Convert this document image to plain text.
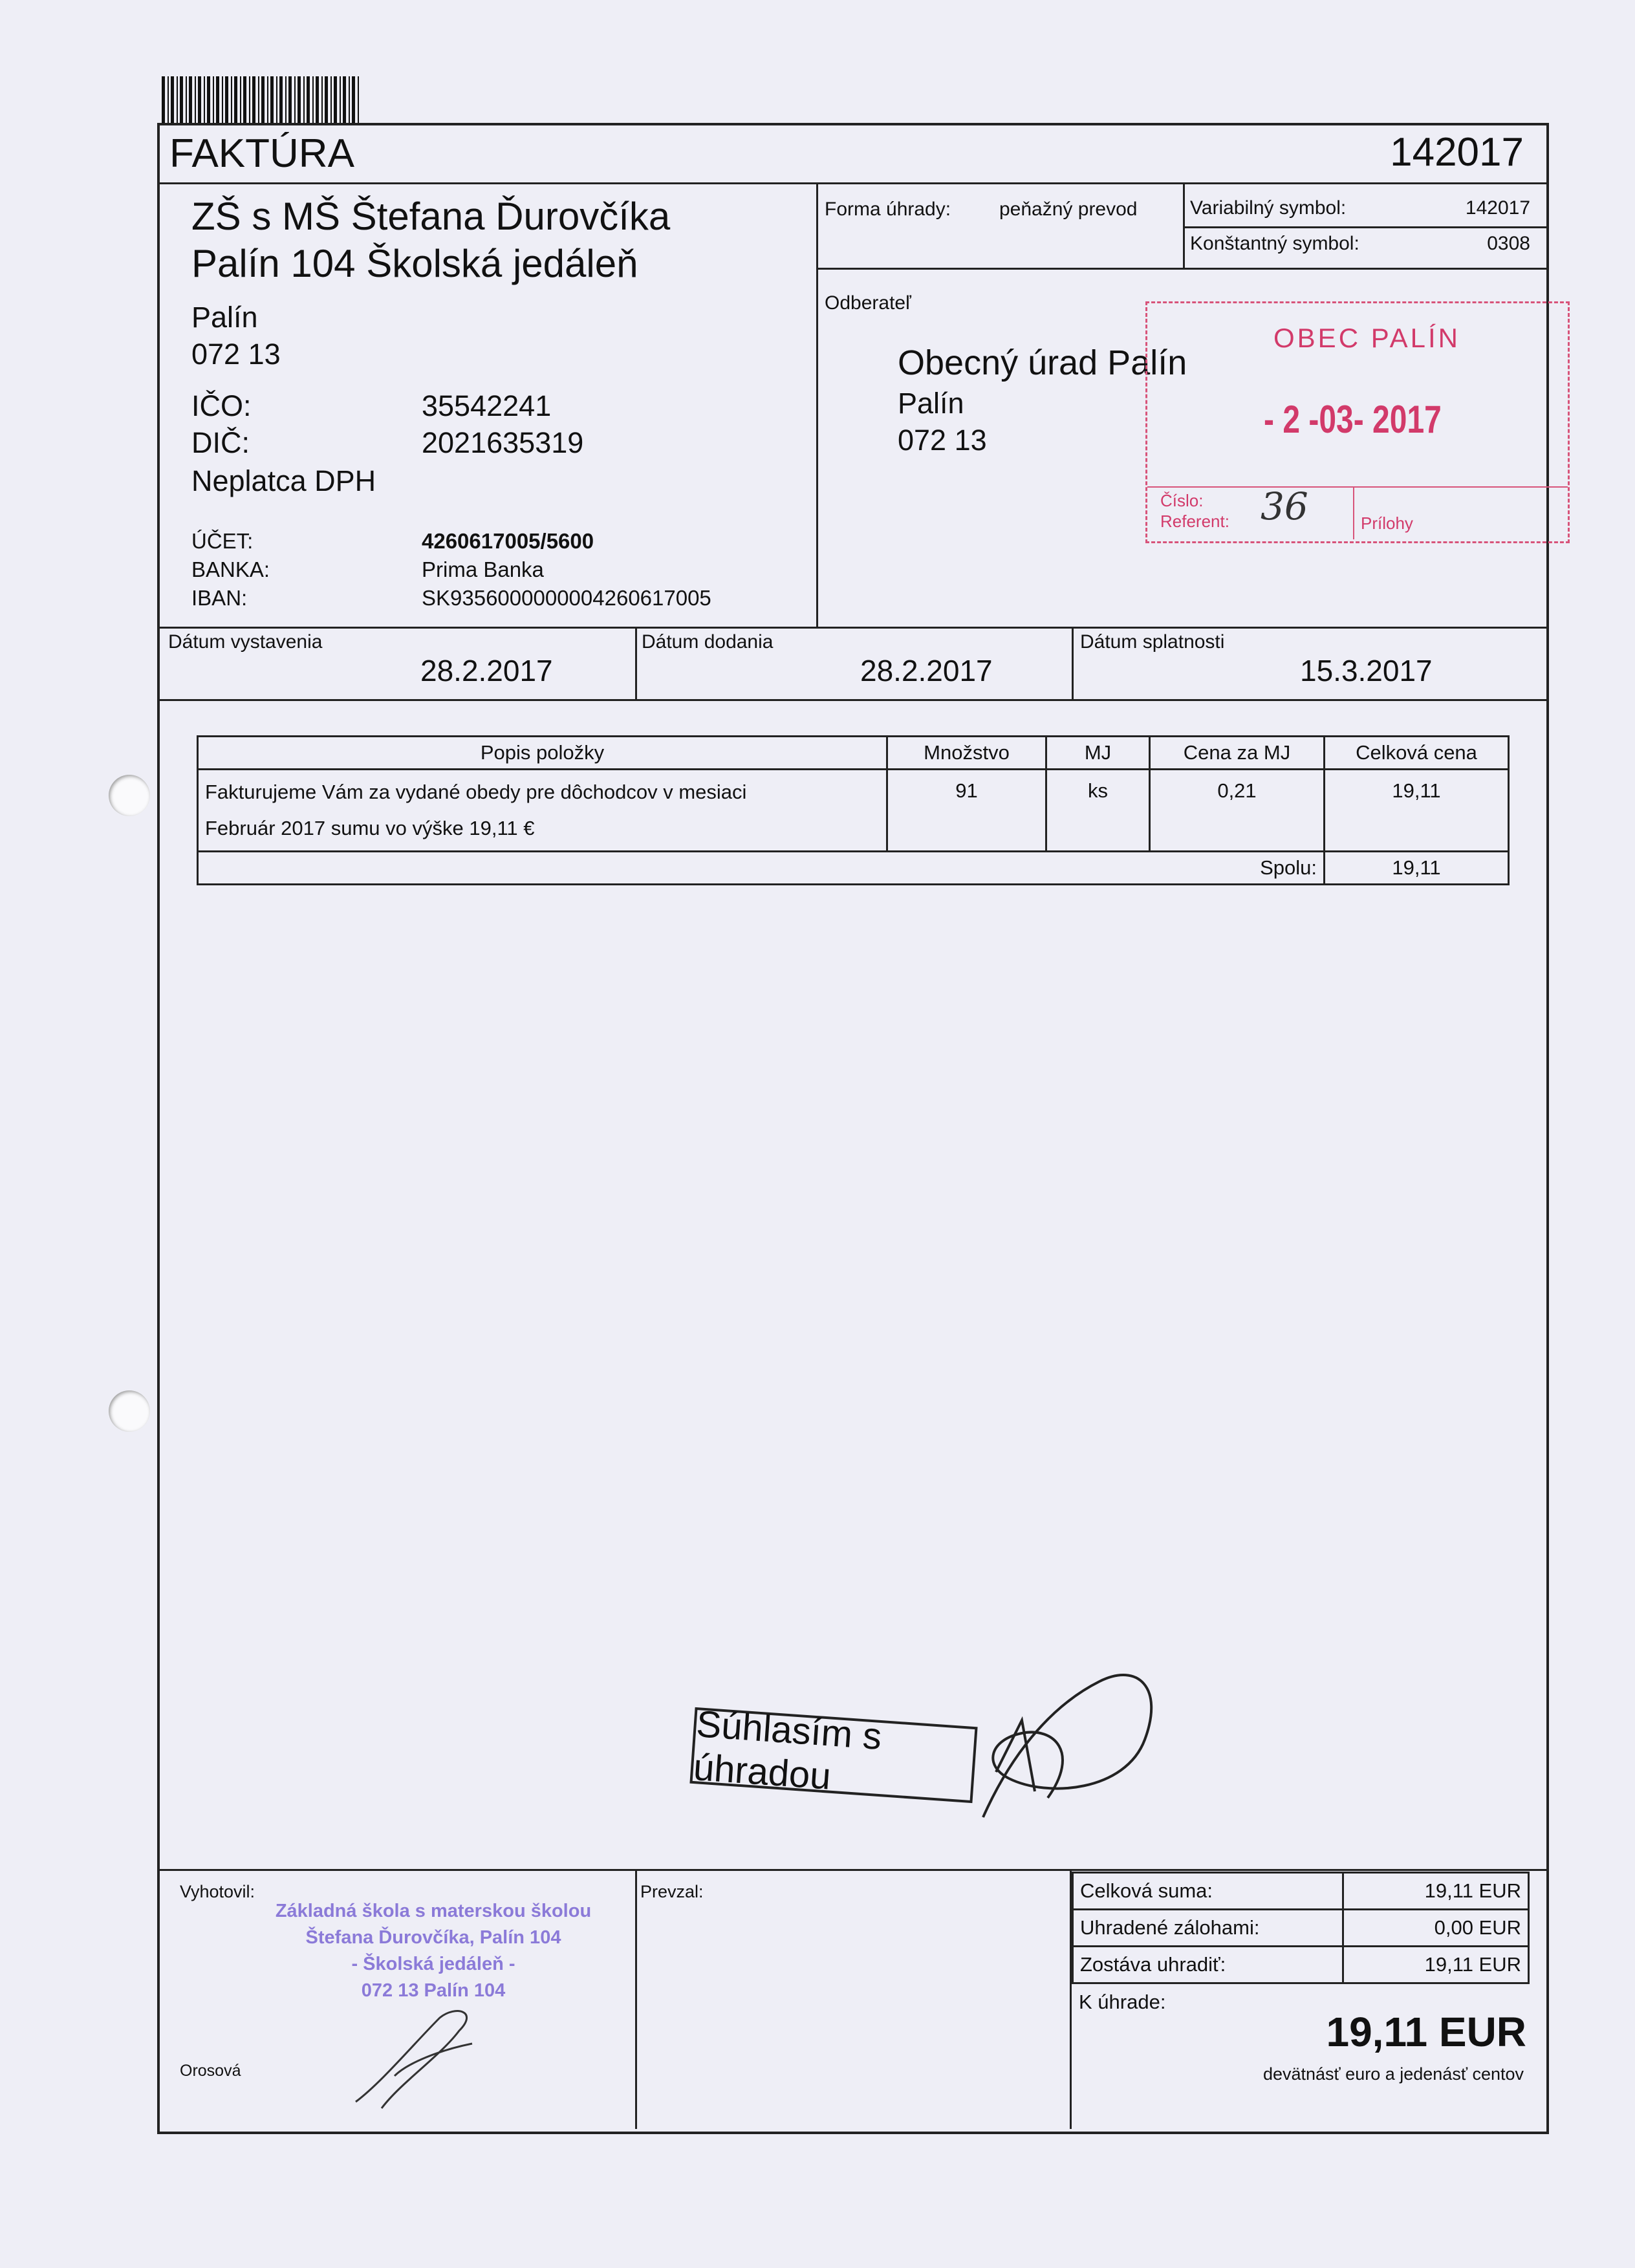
FAKTÚRA	142017
ZŠ s MŠ Štefana Ďurovčíka
Palín 104 Školská jedáleň
Palín
072 13
IČO:	35542241
DIČ:	2021635319
Neplatca DPH
ÚČET:	4260617005/5600
BANKA:	Prima Banka
IBAN:	SK9356000000004260617005
Forma úhrady: peňažný prevod	Variabilný symbol:	142017
Konštantný symbol:	0308
Odberateľ
Obecný úrad Palín
Palín
072 13
OBEC PALÍN
- 2 -03- 2017
Číslo:
Referent: 36	Prílohy
Dátum vystavenia
28.2.2017
Dátum dodania
28.2.2017
Dátum splatnosti
15.3.2017
Popis položky	Množstvo	MJ	Cena za MJ	Celková cena

Fakturujeme Vám za vydané obedy pre dôchodcov v mesiaci
Február 2017 sumu vo výške 19,11 €	91	ks	0,21	19,11
Spolu:				19,11
Súhlasím s úhradou
Vyhotovil:
Základná škola s materskou školou
Štefana Ďurovčíka, Palín 104
- Školská jedáleň -
072 13 Palín 104
Orosová
Prevzal:	Celková suma:	19,11 EUR
Uhradené zálohami:	0,00 EUR
Zostáva uhradiť:	19,11 EUR
K úhrade:
19,11 EUR
devätnásť euro a jedenásť centov
